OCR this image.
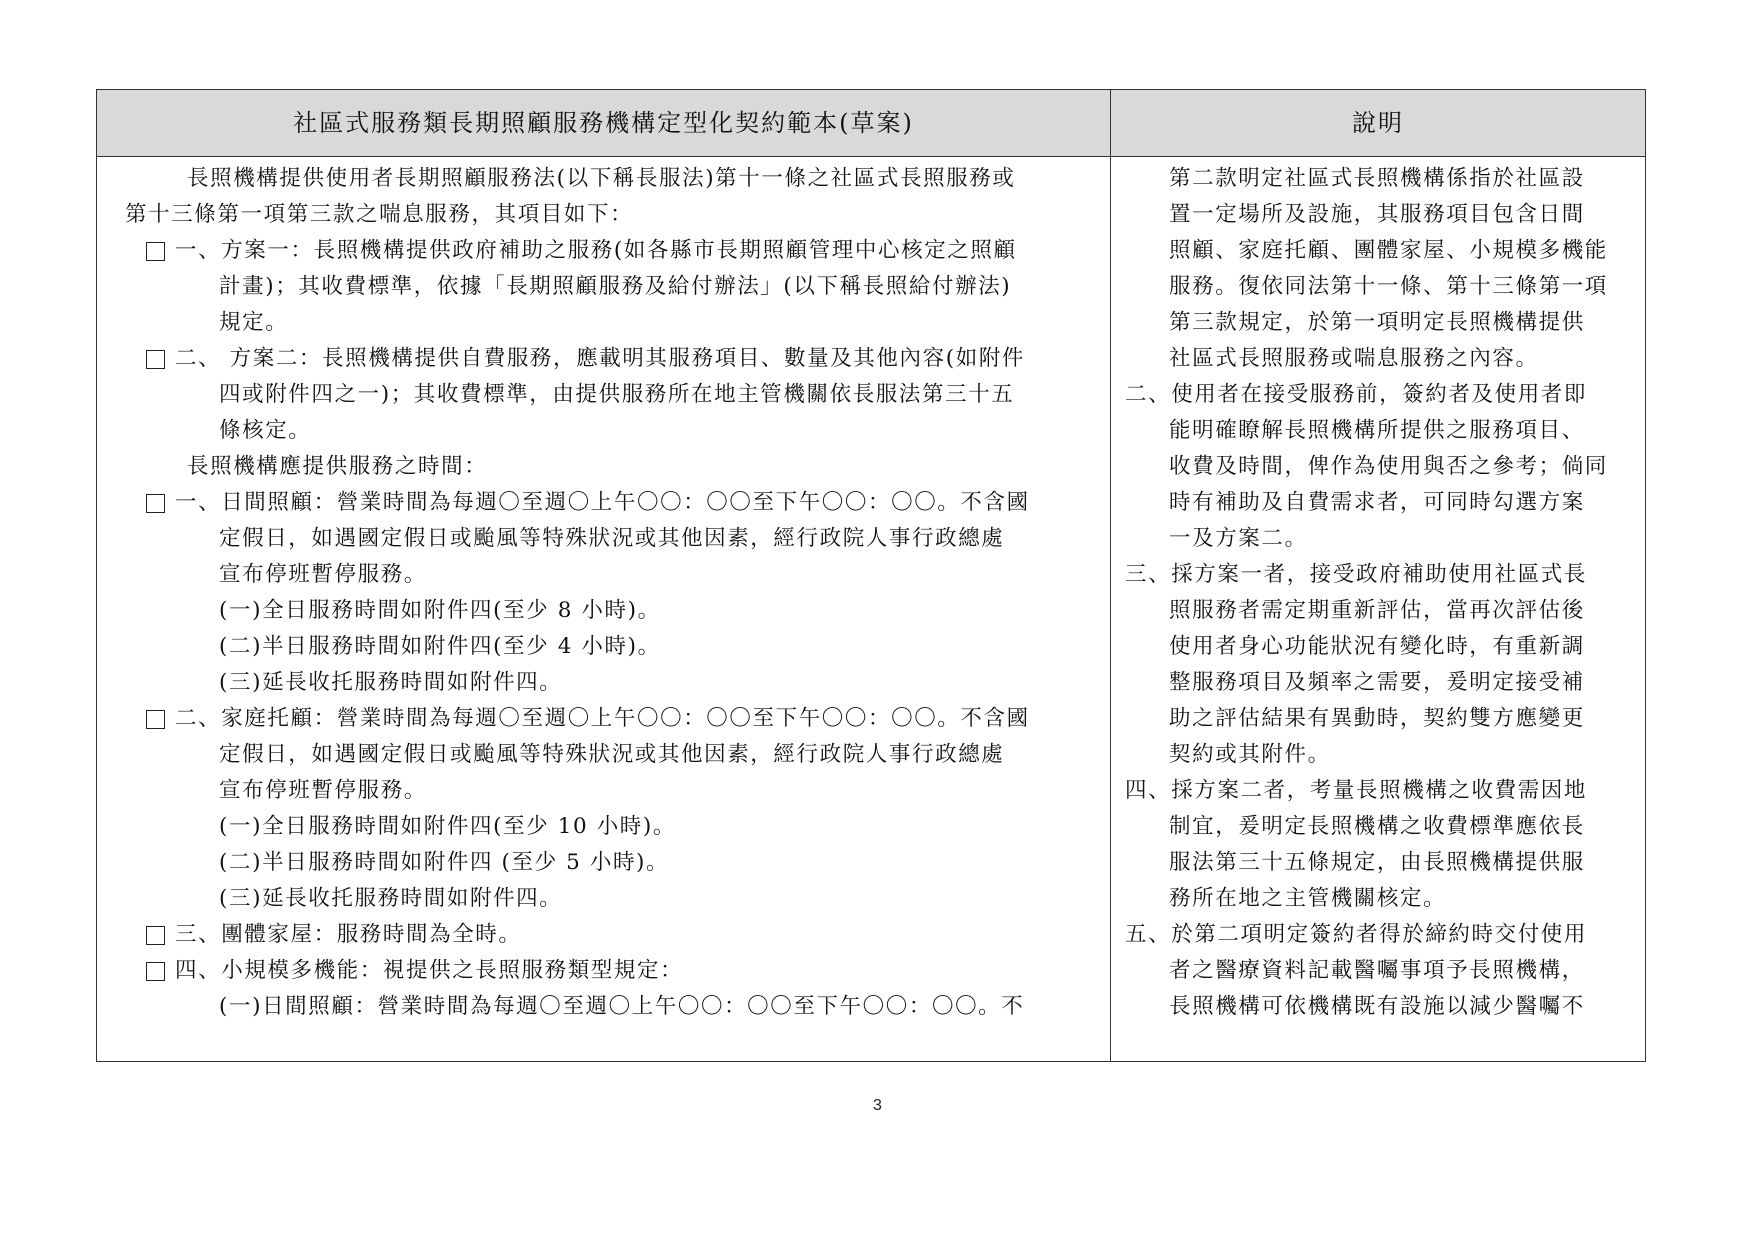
社區式服務類長期照顧服務機構定型化契約範本(草案)	說明
長照機構提供使用者長期照顧服務法(以下稱長服法)第十一條之社區式長照服務或
第十三條第一項第三款之喘息服務，其項目如下：
一、方案一：長照機構提供政府補助之服務(如各縣市長期照顧管理中心核定之照顧
計畫)；其收費標準，依據「長期照顧服務及給付辦法」(以下稱長照給付辦法)
規定。
二、 方案二：長照機構提供自費服務，應載明其服務項目、數量及其他內容(如附件
四或附件四之一)；其收費標準，由提供服務所在地主管機關依長服法第三十五
條核定。
長照機構應提供服務之時間：
一、日間照顧：營業時間為每週〇至週〇上午〇〇：〇〇至下午〇〇：〇〇。不含國
定假日，如遇國定假日或颱風等特殊狀況或其他因素，經行政院人事行政總處
宣布停班暫停服務。
(一)全日服務時間如附件四(至少 8 小時)。
(二)半日服務時間如附件四(至少 4 小時)。
(三)延長收托服務時間如附件四。
二、家庭托顧：營業時間為每週〇至週〇上午〇〇：〇〇至下午〇〇：〇〇。不含國
定假日，如遇國定假日或颱風等特殊狀況或其他因素，經行政院人事行政總處
宣布停班暫停服務。
(一)全日服務時間如附件四(至少 10 小時)。
(二)半日服務時間如附件四 (至少 5 小時)。
(三)延長收托服務時間如附件四。
三、團體家屋：服務時間為全時。
四、小規模多機能：視提供之長照服務類型規定：
(一)日間照顧：營業時間為每週〇至週〇上午〇〇：〇〇至下午〇〇：〇〇。不
第二款明定社區式長照機構係指於社區設
置一定場所及設施，其服務項目包含日間
照顧、家庭托顧、團體家屋、小規模多機能
服務。復依同法第十一條、第十三條第一項
第三款規定，於第一項明定長照機構提供
社區式長照服務或喘息服務之內容。
二、使用者在接受服務前，簽約者及使用者即
能明確瞭解長照機構所提供之服務項目、
收費及時間，俾作為使用與否之參考；倘同
時有補助及自費需求者，可同時勾選方案
一及方案二。
三、採方案一者，接受政府補助使用社區式長
照服務者需定期重新評估，當再次評估後
使用者身心功能狀況有變化時，有重新調
整服務項目及頻率之需要，爰明定接受補
助之評估結果有異動時，契約雙方應變更
契約或其附件。
四、採方案二者，考量長照機構之收費需因地
制宜，爰明定長照機構之收費標準應依長
服法第三十五條規定，由長照機構提供服
務所在地之主管機關核定。
五、於第二項明定簽約者得於締約時交付使用
者之醫療資料記載醫囑事項予長照機構，
長照機構可依機構既有設施以減少醫囑不
3
